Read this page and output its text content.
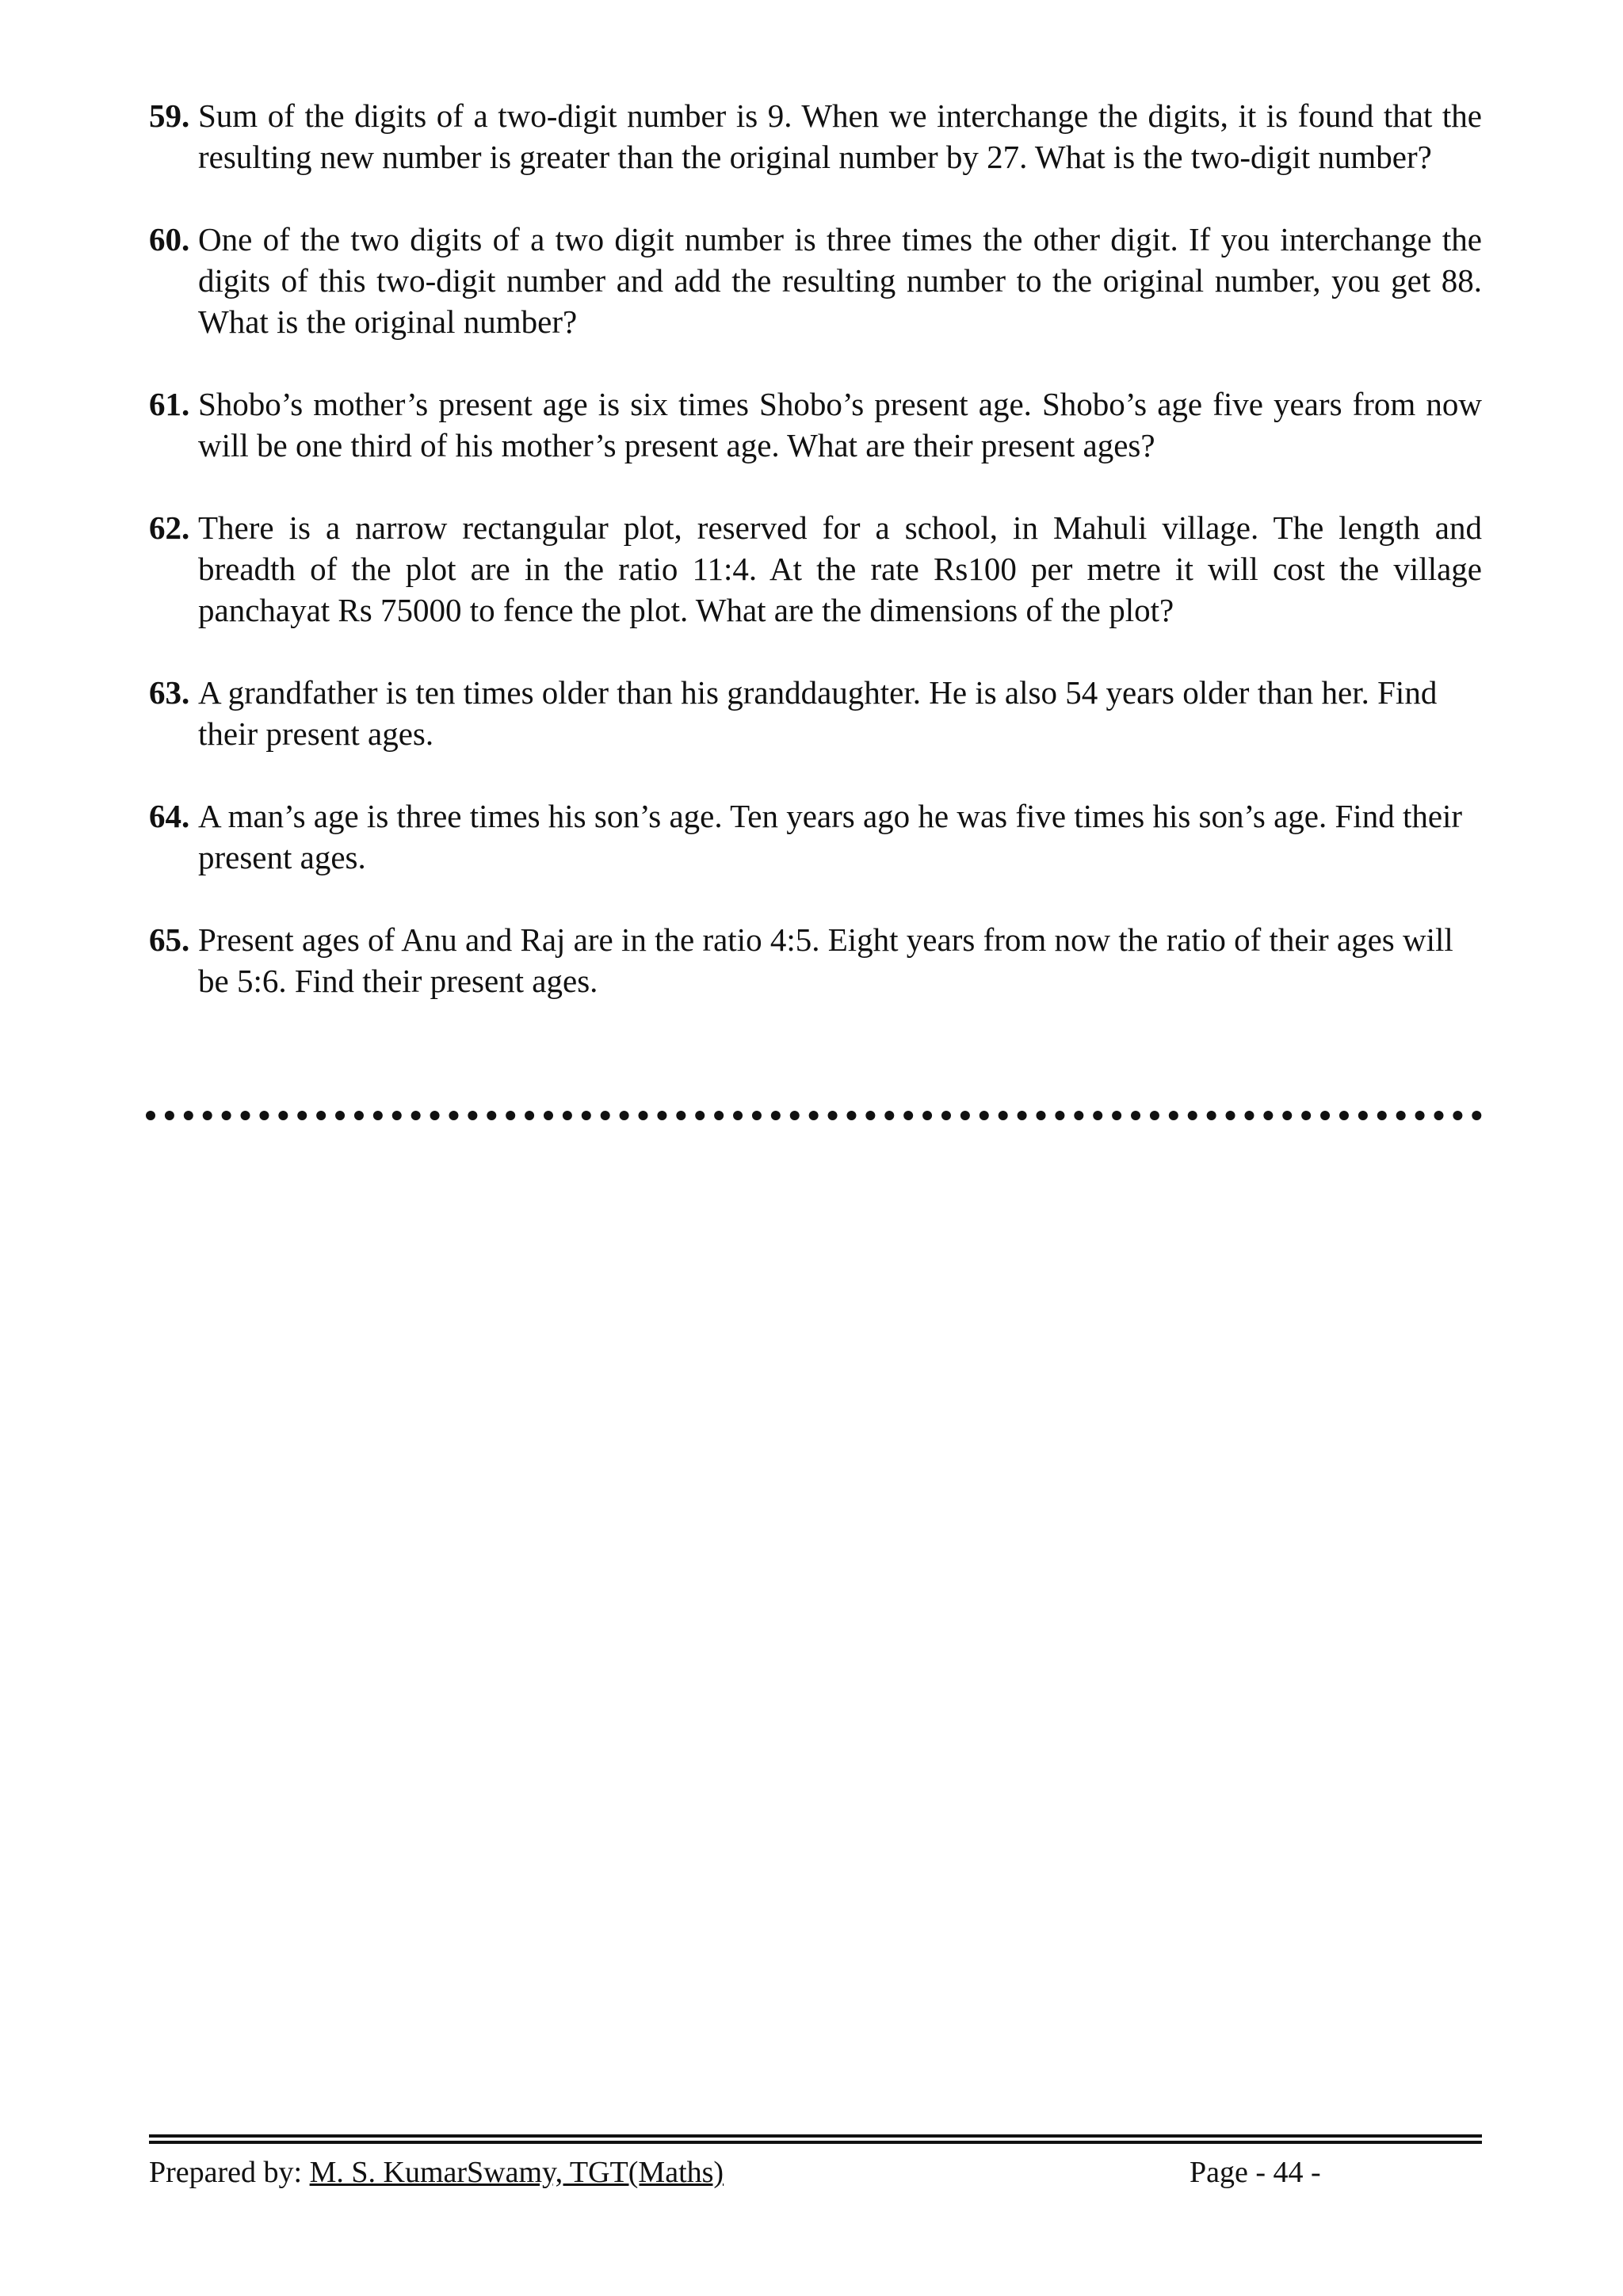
59. Sum of the digits of a two-digit number is 9. When we interchange the digits, it is found that the resulting new number is greater than the original number by 27. What is the two-digit number?
60. One of the two digits of a two digit number is three times the other digit. If you interchange the digits of this two-digit number and add the resulting number to the original number, you get 88. What is the original number?
61. Shobo’s mother’s present age is six times Shobo’s present age. Shobo’s age five years from now will be one third of his mother’s present age. What are their present ages?
62. There is a narrow rectangular plot, reserved for a school, in Mahuli village. The length and breadth of the plot are in the ratio 11:4. At the rate Rs100 per metre it will cost the village panchayat Rs 75000 to fence the plot. What are the dimensions of the plot?
63. A grandfather is ten times older than his granddaughter. He is also 54 years older than her. Find their present ages.
64. A man’s age is three times his son’s age. Ten years ago he was five times his son’s age. Find their present ages.
65. Present ages of Anu and Raj are in the ratio 4:5. Eight years from now the ratio of their ages will be 5:6. Find their present ages.
Prepared by: M. S. KumarSwamy, TGT(Maths)	Page - 44 -
